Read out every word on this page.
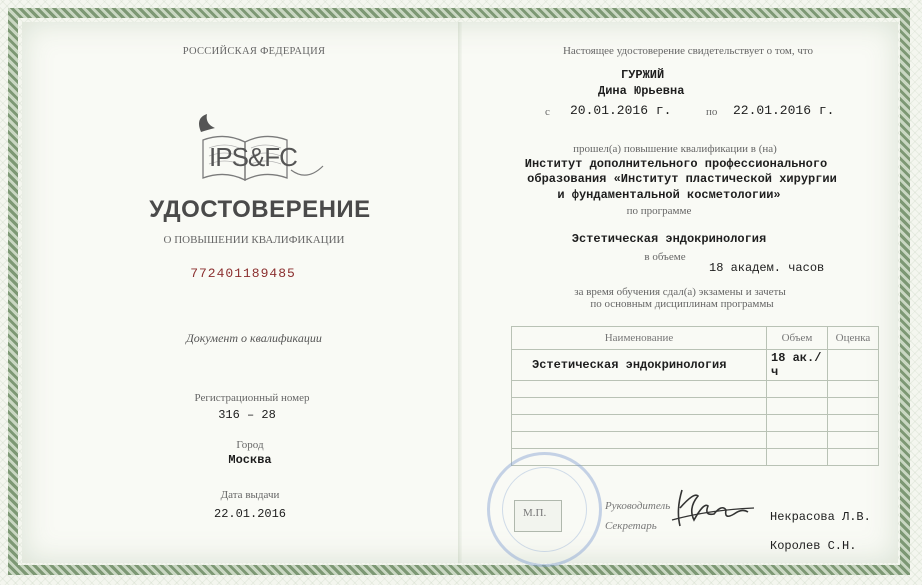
РОССИЙСКАЯ ФЕДЕРАЦИЯ
IPS&FC
УДОСТОВЕРЕНИЕ
О ПОВЫШЕНИИ КВАЛИФИКАЦИИ
772401189485
Документ о квалификации
Регистрационный номер
316 – 28
Город
Москва
Дата выдачи
22.01.2016
Настоящее удостоверение свидетельствует о том, что
ГУРЖИЙ
Дина Юрьевна
с 20.01.2016 г.	по 22.01.2016 г.
прошел(а) повышение квалификации в (на)
Институт дополнительного профессионального
образования «Институт пластической хирургии
и фундаментальной косметологии»
по программе
Эстетическая эндокринология
в объеме
18 академ. часов
за время обучения сдал(а) экзамены и зачеты
по основным дисциплинам программы
Наименование	Объем	Оценка
Эстетическая эндокринология	18 ак./ч	

М.П.
Руководитель
Секретарь
Некрасова Л.В.
Королев С.Н.
